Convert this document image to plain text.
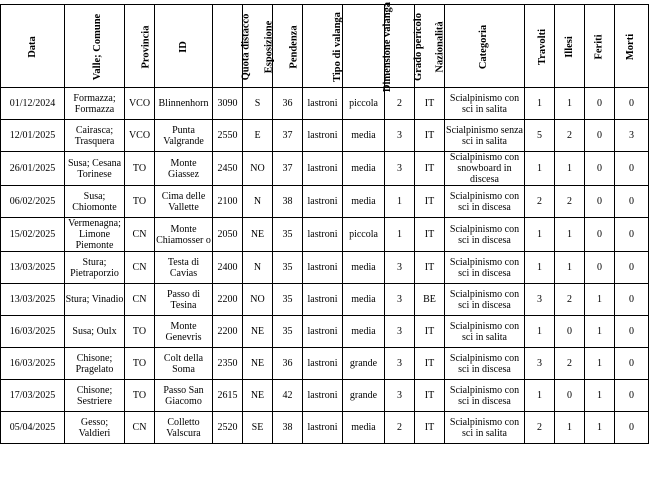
Data	Valle; Comune	Provincia	ID	Quota distacco	Esposizione	Pendenza	Tipo di valanga	Dimensione valanga	Grado pericolo	Nazionalità	Categoria	Travolti	Illesi	Feriti	Morti
01/12/2024	Formazza; Formazza	VCO	Blinnenhorn	3090	S	36	lastroni	piccola	2	IT	Scialpinismo con sci in salita	1	1	0	0
12/01/2025	Cairasca; Trasquera	VCO	Punta Valgrande	2550	E	37	lastroni	media	3	IT	Scialpinismo senza sci in salita	5	2	0	3
26/01/2025	Susa; Cesana Torinese	TO	Monte Giassez	2450	NO	37	lastroni	media	3	IT	Scialpinismo con snowboard in discesa	1	1	0	0
06/02/2025	Susa; Chiomonte	TO	Cima delle Vallette	2100	N	38	lastroni	media	1	IT	Scialpinismo con sci in discesa	2	2	0	0
15/02/2025	Vermenagna; Limone Piemonte	CN	Monte Chiamosser o	2050	NE	35	lastroni	piccola	1	IT	Scialpinismo con sci in discesa	1	1	0	0
13/03/2025	Stura; Pietraporzio	CN	Testa di Cavias	2400	N	35	lastroni	media	3	IT	Scialpinismo con sci in discesa	1	1	0	0
13/03/2025	Stura; Vinadio	CN	Passo di Tesina	2200	NO	35	lastroni	media	3	BE	Scialpinismo con sci in discesa	3	2	1	0
16/03/2025	Susa; Oulx	TO	Monte Genevris	2200	NE	35	lastroni	media	3	IT	Scialpinismo con sci in salita	1	0	1	0
16/03/2025	Chisone; Pragelato	TO	Colt della Soma	2350	NE	36	lastroni	grande	3	IT	Scialpinismo con sci in discesa	3	2	1	0
17/03/2025	Chisone; Sestriere	TO	Passo San Giacomo	2615	NE	42	lastroni	grande	3	IT	Scialpinismo con sci in discesa	1	0	1	0
05/04/2025	Gesso; Valdieri	CN	Colletto Valscura	2520	SE	38	lastroni	media	2	IT	Scialpinismo con sci in salita	2	1	1	0
